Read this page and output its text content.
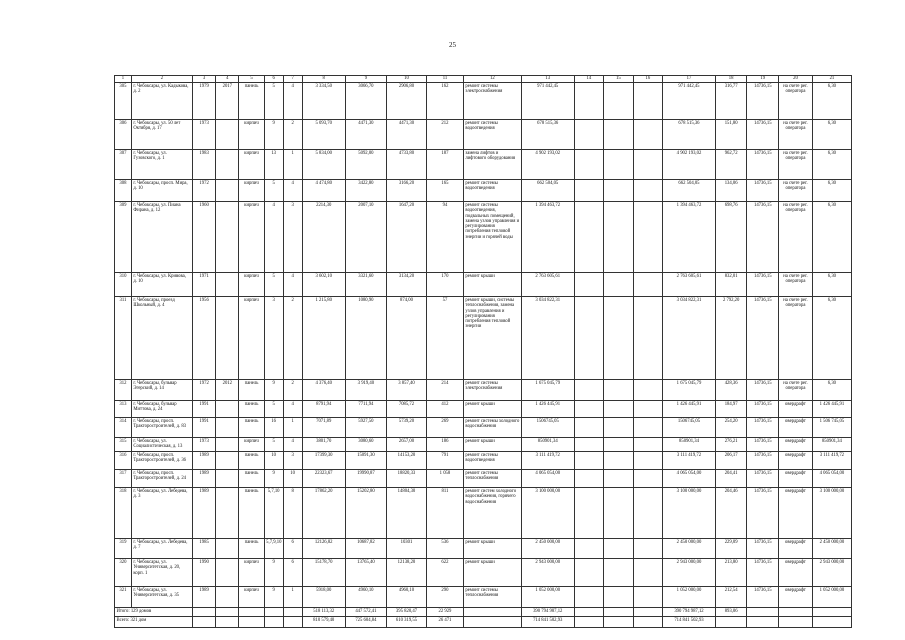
25
1	2	3	4	5	6	7	8	9	10	11	12	13	14	15	16	17	18	19	20	21
305	г. Чебоксары, ул. Кадыкова, д. 2	1979	2017	панель	5	4	3 334,50	3066,70	2906,80	162	ремонт системы электроснабжения	971 442,45				971 442,45	316,77	14736,15	на счете рег. оператора	6,30
306	г. Чебоксары, ул. 50 лет Октября, д. 17	1973		кирпич	9	2	5 093,70	4471,30	4471,30	212	ремонт системы водоотведения	678 515,36				678 515,36	151,80	14736,15	на счете рег. оператора	6,30
307	г. Чебоксары, ул. Гузовского, д. 1	1983		кирпич	13	1	5 834,00	5092,00	4733,80	187	замена лифтов и лифтового оборудования	4 902 193,02				4 902 193,02	962,72	14736,15	на счете рег. оператора	6,30
308	г. Чебоксары, просп. Мира, д. 10	1972		кирпич	5	4	4 474,80	3422,80	3166,20	165	ремонт системы водоотведения	662 504,05				662 504,05	134,06	14736,15	на счете рег. оператора	6,30
309	г. Чебоксары, ул. Пиана Фирана, д. 12	1960		кирпич	4	3	2214,30	2007,10	1647,20	94	ремонт системы водоотведения, подвальных помещений, замена узлов управления и регулирования потребления тепловой энергии и горячей воды	1 394 463,72				1 394 463,72	698,76	14736,15	на счете рег. оператора	6,30
310	г. Чебоксары, ул. Кривова, д. 10	1971		кирпич	5	4	3 602,10	3321,60	3134,20	170	ремонт крыши	2 763 605,61				2 763 605,61	832,01	14736,15	на счете рег. оператора	6,30
311	г. Чебоксары, проезд Школьный, д. 4	1956		кирпич	3	2	1 215,80	1080,90	874,00	57	ремонт крыши, системы теплоснабжения, замена узлов управления и регулирования потребления тепловой энергии	3 034 822,31				3 034 822,31	2 792,20	14736,15	на счете рег. оператора	6,30
312	г. Чебоксары, бульвар Эгерский, д. 14	1972	2012	панель	9	2	4 376,40	3 919,40	3 857,40	214	ремонт системы электроснабжения	1 675 045,79				1 675 045,79	428,36	14736,15	на счете рег. оператора	6,30
313	г. Чебоксары, бульвар Миттова, д. 24	1991		панель	5	4	8791,94	7711,94	7085,72	412	ремонт крыши	1 426 445,91				1 426 445,91	184,97	14736,15	овердрафт	1 426 445,91
314	г. Чебоксары, просп. Тракторостроителей, д. 83	1991		панель	16	1	7071,89	5927,50	5739,20	269	ремонт системы холодного водоснабжения	1506745,05				1506745,05	254,20	14736,15	овердрафт	1 506 745,05
315	г. Чебоксары, ул. Социалистическая, д. 13	1973		кирпич	5	4	3801,70	3080,60	2657,00	186	ремонт крыши	850901,34				850901,34	276,21	14736,15	овердрафт	850901,34
316	г. Чебоксары, просп. Тракторостроителей, д. 36	1989		панель	10	3	17399,30	15091,30	14153,20	791	ремонт системы водоотведения	3 111 419,72				3 111 419,72	206,17	14736,15	овердрафт	3 111 419,72
317	г. Чебоксары, просп. Тракторостроителей, д. 24	1989		панель	9	10	22323,67	19990,87	18820,33	1 058	ремонт системы теплоснабжения	4 065 054,00				4 065 054,00	204,41	14736,15	овердрафт	4 065 054,00
318	г. Чебоксары, ул. Лебедева, д. 3	1989		панель	5,7,10	8	17862,20	15202,80	14804,30	811	ремонт систем холодного водоснабжения, горячего водоснабжения	3 100 000,00				3 100 000,00	204,46	14736,15	овердрафт	3 100 000,00
319	г. Чебоксары, ул. Лебедева, д. 7	1985		панель	5,7,9,10	6	12126,82	10687,82	10301	536	ремонт крыши	2 450 000,00				2 450 000,00	229,09	14736,15	овердрафт	2 450 000,00
320	г. Чебоксары, ул. Университетская, д. 20, корп. 1	1990		кирпич	9	6	15178,70	13765,40	12138,20	622	ремонт крыши	2 943 000,00				2 943 000,00	213,80	14736,15	овердрафт	2 943 000,00
321	г. Чебоксары, ул. Университетская, д. 35	1989		кирпич	9	1	5918,00	4960,10	4960,10	290	ремонт системы теплоснабжения	1 052 000,00				1 052 000,00	212,54	14736,15	овердрафт	1 052 000,00
Итого: 129 домов							518 113,32	447 572,41	395 820,47	22 929		390 794 987,12				390 794 987,12	893,06			
Всего: 321 дом							810 579,40	725 604,84	610 319,55	26 471		714 841 502,93				714 841 502,93				
